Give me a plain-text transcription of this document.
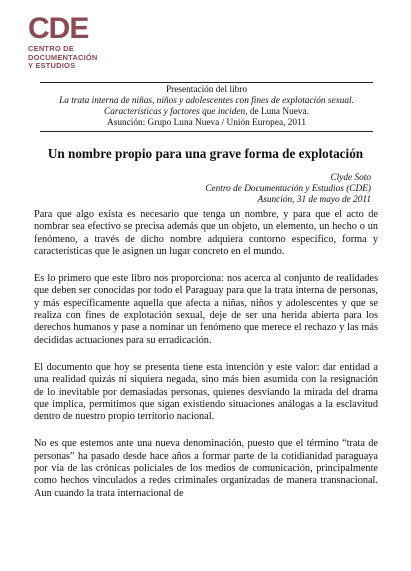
CDE
CENTRO DE
DOCUMENTACIÓN
Y ESTUDIOS
Presentación del libro
La trata interna de niñas, niños y adolescentes con fines de explotación sexual.
Características y factores que inciden, de Luna Nueva.
Asunción: Grupo Luna Nueva / Unión Europea, 2011
Un nombre propio para una grave forma de explotación
Clyde Soto
Centro de Documentación y Estudios (CDE)
Asunción, 31 de mayo de 2011

Para que algo exista es necesario que tenga un nombre, y para que el acto de nombrar sea efectivo se precisa además que un objeto, un elemento, un hecho o un fenómeno, a través de dicho nombre adquiera contorno específico, forma y características que le asignen un lugar concreto en el mundo.

Es lo primero que este libro nos proporciona: nos acerca al conjunto de realidades que deben ser conocidas por todo el Paraguay para que la trata interna de personas, y más específicamente aquella que afecta a niñas, niños y adolescentes y que se realiza con fines de explotación sexual, deje de ser una herida abierta para los derechos humanos y pase a nominar un fenómeno que merece el rechazo y las más decididas actuaciones para su erradicación.

El documento que hoy se presenta tiene esta intención y este valor: dar entidad a una realidad quizás ni siquiera negada, sino más bien asumida con la resignación de lo inevitable por demasiadas personas, quienes desviando la mirada del drama que implica, permitimos que sigan existiendo situaciones análogas a la esclavitud dentro de nuestro propio territorio nacional.

No es que estemos ante una nueva denominación, puesto que el término “trata de personas” ha pasado desde hace años a formar parte de la cotidianidad paraguaya por vía de las crónicas policiales de los medios de comunicación, principalmente como hechos vinculados a redes criminales organizadas de manera transnacional. Aun cuando la trata internacional de
